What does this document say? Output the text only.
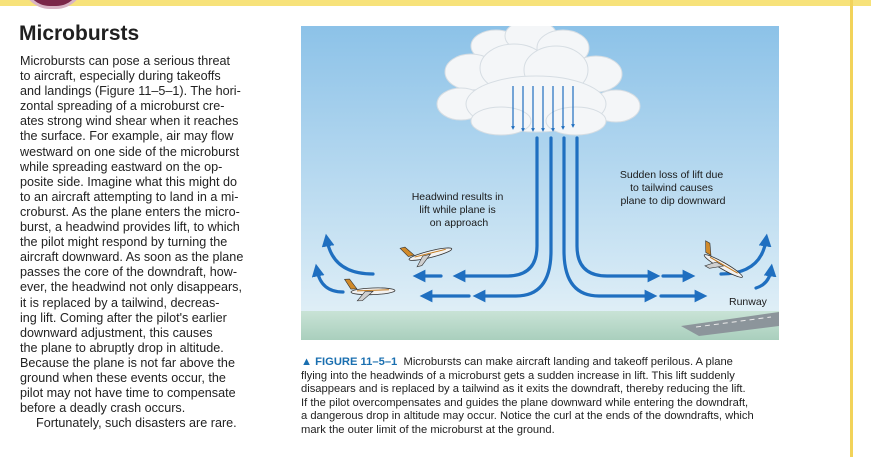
Microbursts

Microbursts can pose a serious threat

to aircraft, especially during takeoffs

and landings (Figure 11–5–1). The hori-

zontal spreading of a microburst cre-

ates strong wind shear when it reaches

the surface. For example, air may flow

westward on one side of the microburst

while spreading eastward on the op-

posite side. Imagine what this might do

to an aircraft attempting to land in a mi-

croburst. As the plane enters the micro-

burst, a headwind provides lift, to which

the pilot might respond by turning the

aircraft downward. As soon as the plane

passes the core of the downdraft, how-

ever, the headwind not only disappears,

it is replaced by a tailwind, decreas-

ing lift. Coming after the pilot's earlier

downward adjustment, this causes

the plane to abruptly drop in altitude.

Because the plane is not far above the

ground when these events occur, the

pilot may not have time to compensate

before a deadly crash occurs.

Fortunately, such disasters are rare.

Headwind results in lift while plane is on approach
Sudden loss of lift due to tailwind causes plane to dip downward
Runway

▲ FIGURE 11–5–1 Microbursts can make aircraft landing and takeoff perilous. A plane

flying into the headwinds of a microburst gets a sudden increase in lift. This lift suddenly

disappears and is replaced by a tailwind as it exits the downdraft, thereby reducing the lift.

If the pilot overcompensates and guides the plane downward while entering the downdraft,

a dangerous drop in altitude may occur. Notice the curl at the ends of the downdrafts, which

mark the outer limit of the microburst at the ground.
